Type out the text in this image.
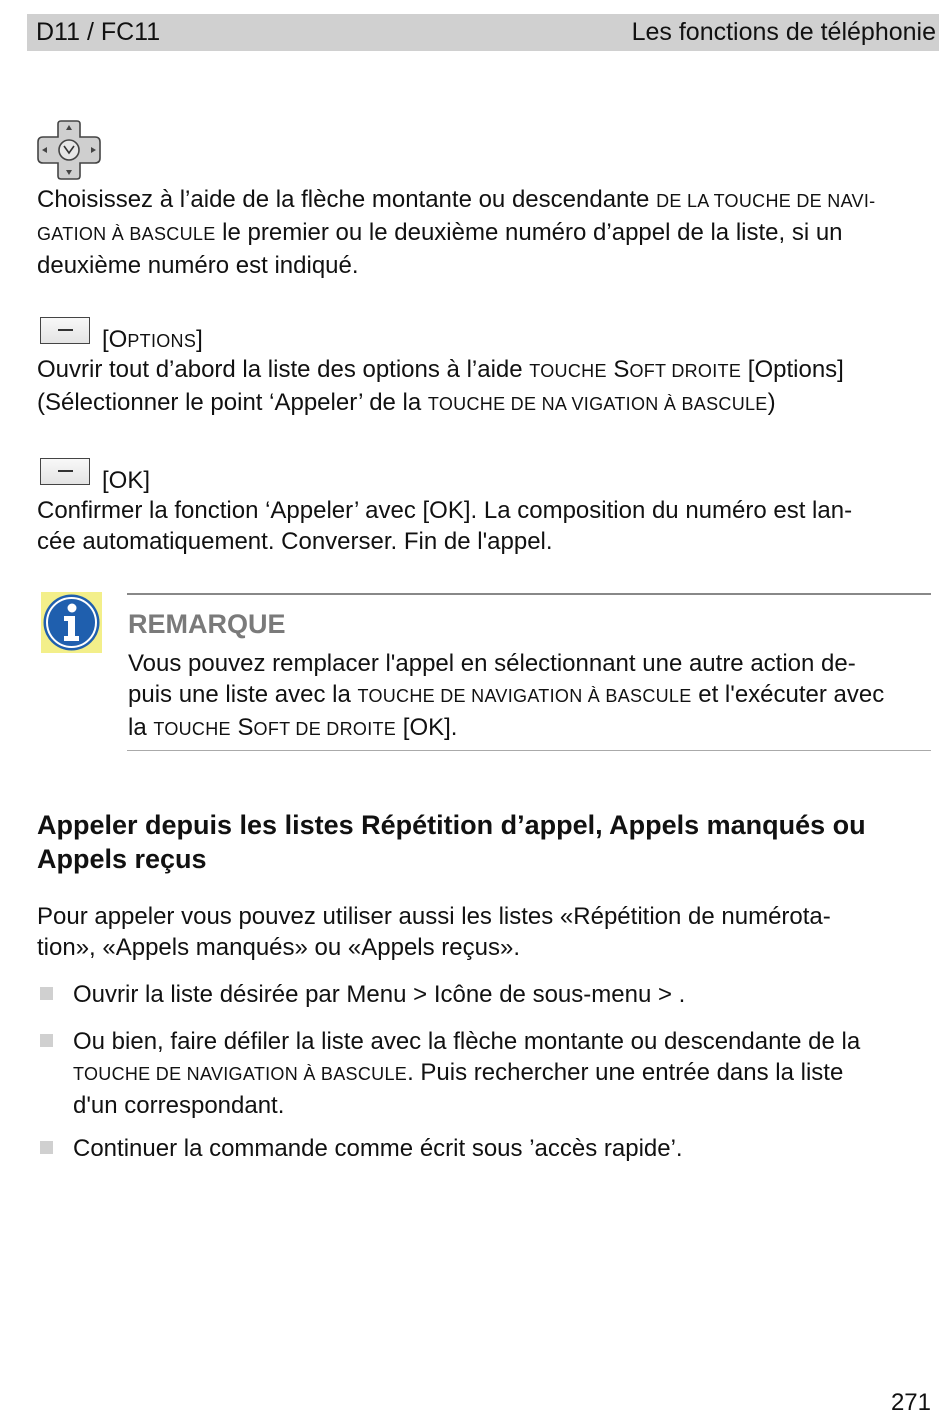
D11 / FC11	Les fonctions de téléphonie

Choisissez à l’aide de la flèche montante ou descendante DE LA TOUCHE DE NAVI-
GATION À BASCULE le premier ou le deuxième numéro d’appel de la liste, si un
deuxième numéro est indiqué.

[OPTIONS]

Ouvrir tout d’abord la liste des options à l’aide TOUCHE SOFT DROITE [Options]
(Sélectionner le point ‘Appeler’ de la TOUCHE DE NA VIGATION À BASCULE)

[OK]

Confirmer la fonction ‘Appeler’ avec [OK]. La composition du numéro est lan-
cée automatiquement. Converser. Fin de l'appel.

REMARQUE

Vous pouvez remplacer l'appel en sélectionnant une autre action de-
puis une liste avec la TOUCHE DE NAVIGATION À BASCULE et l'exécuter avec
la TOUCHE SOFT DE DROITE [OK].

Appeler depuis les listes Répétition d’appel, Appels manqués ou
Appels reçus

Pour appeler vous pouvez utiliser aussi les listes «Répétition de numérota-
tion», «Appels manqués» ou «Appels reçus».

Ouvrir la liste désirée par Menu > Icône de sous-menu > .

Ou bien, faire défiler la liste avec la flèche montante ou descendante de la
TOUCHE DE NAVIGATION À BASCULE. Puis rechercher une entrée dans la liste
d'un correspondant.

Continuer la commande comme écrit sous ’accès rapide’.

271
